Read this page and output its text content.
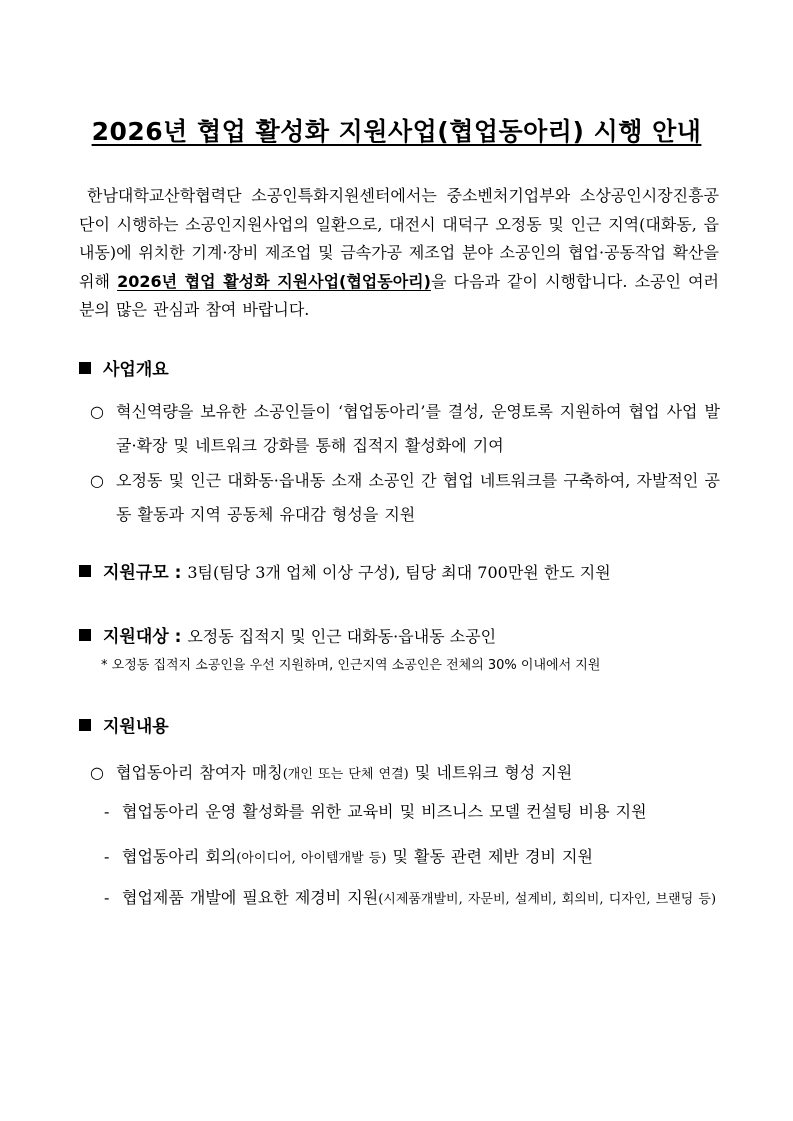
2026년 협업 활성화 지원사업(협업동아리) 시행 안내
한남대학교산학협력단 소공인특화지원센터에서는 중소벤처기업부와 소상공인시장진흥공단이 시행하는 소공인지원사업의 일환으로, 대전시 대덕구 오정동 및 인근 지역(대화동, 읍내동)에 위치한 기계·장비 제조업 및 금속가공 제조업 분야 소공인의 협업·공동작업 확산을 위해 2026년 협업 활성화 지원사업(협업동아리)을 다음과 같이 시행합니다. 소공인 여러분의 많은 관심과 참여 바랍니다.
사업개요
○ 혁신역량을 보유한 소공인들이 ‘협업동아리’를 결성, 운영토록 지원하여 협업 사업 발굴·확장 및 네트워크 강화를 통해 집적지 활성화에 기여
○ 오정동 및 인근 대화동·읍내동 소재 소공인 간 협업 네트워크를 구축하여, 자발적인 공동 활동과 지역 공동체 유대감 형성을 지원
지원규모 : 3팀(팀당 3개 업체 이상 구성), 팀당 최대 700만원 한도 지원
지원대상 : 오정동 집적지 및 인근 대화동·읍내동 소공인
* 오정동 집적지 소공인을 우선 지원하며, 인근지역 소공인은 전체의 30% 이내에서 지원
지원내용
○ 협업동아리 참여자 매칭(개인 또는 단체 연결) 및 네트워크 형성 지원
- 협업동아리 운영 활성화를 위한 교육비 및 비즈니스 모델 컨설팅 비용 지원
- 협업동아리 회의(아이디어, 아이템개발 등) 및 활동 관련 제반 경비 지원
- 협업제품 개발에 필요한 제경비 지원(시제품개발비, 자문비, 설계비, 회의비, 디자인, 브랜딩 등)
